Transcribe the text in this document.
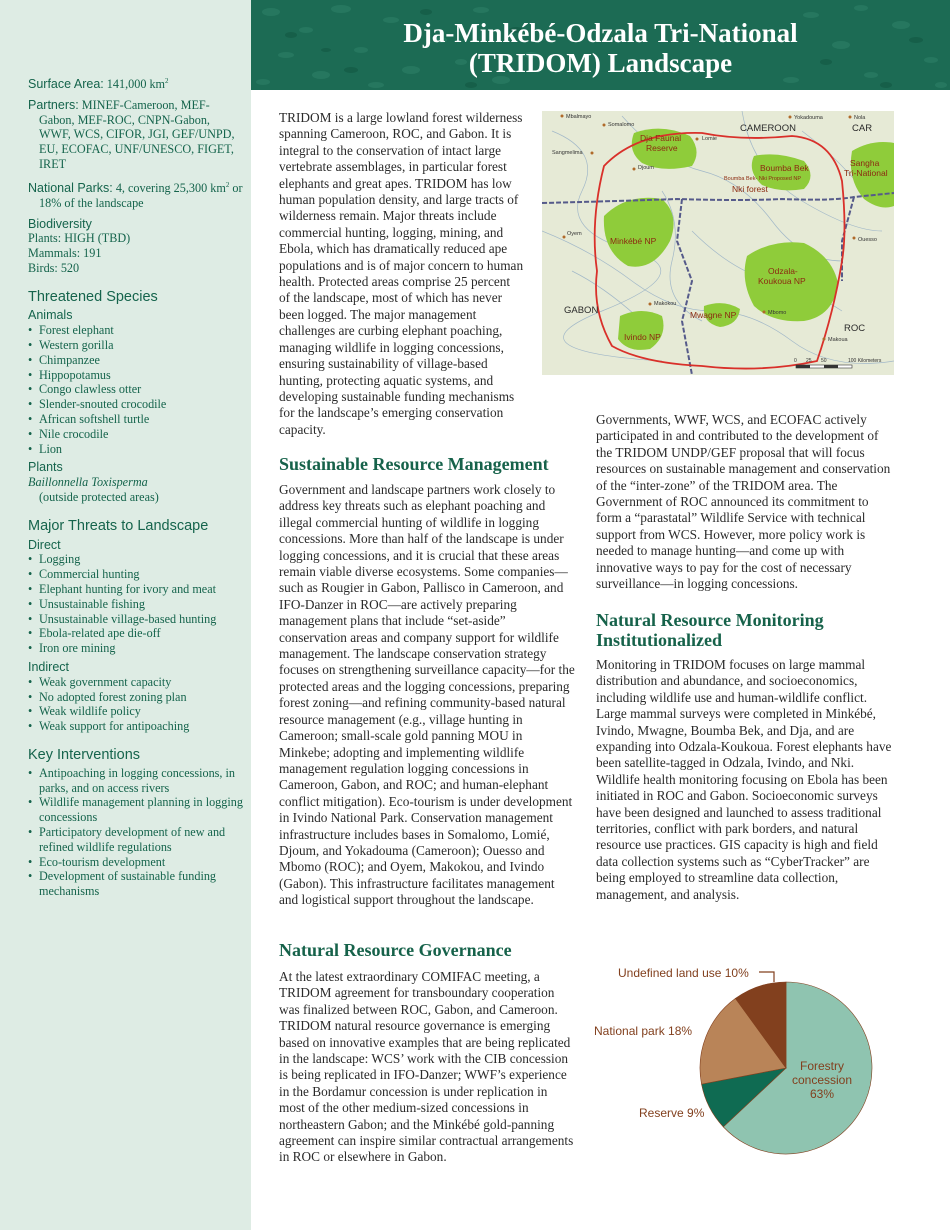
Surface Area: 141,000 $km^2$

Partners: MINEF-Cameroon, MEF-Gabon, MEF-ROC, CNPN-Gabon, WWF, WCS, CIFOR, JGI, GEF/UNPD, EU, ECOFAC, UNF/UNESCO, FIGET, IRET

National Parks: 4, covering 25,300 $km^2$ or 18% of the landscape

Biodiversity

Plants: HIGH (TBD)

Mammals: 191

Birds: 520

Threatened Species
Animals
• Forest elephant
• Western gorilla
• Chimpanzee
• Hippopotamus
• Congo clawless otter
• Slender-snouted crocodile
• African softshell turtle
• Nile crocodile
• Lion
Plants

Baillonnella Toxisperma

(outside protected areas)

Major Threats to Landscape
Direct
• Logging
• Commercial hunting
• Elephant hunting for ivory and meat
• Unsustainable fishing
• Unsustainable village-based hunting
• Ebola-related ape die-off
• Iron ore mining
Indirect
• Weak government capacity
• No adopted forest zoning plan
• Weak wildlife policy
• Weak support for antipoaching
Key Interventions
• Antipoaching in logging concessions, in parks, and on access rivers
• Wildlife management planning in logging concessions
• Participatory development of new and refined wildlife regulations
• Eco-tourism development
• Development of sustainable funding mechanisms
Dja-Minkébé-Odzala Tri-National
(TRIDOM) Landscape

TRIDOM is a large lowland forest wilderness spanning Cameroon, ROC, and Gabon. It is integral to the conservation of intact large vertebrate assemblages, in particular forest elephants and great apes. TRIDOM has low human population density, and large tracts of wilderness remain. Major threats include commercial hunting, logging, mining, and Ebola, which has dramatically reduced ape populations and is of major concern to human health. Protected areas comprise 25 percent of the landscape, most of which has never been logged. The major management challenges are curbing elephant poaching, managing wildlife in logging concessions, ensuring sustainability of village-based hunting, protecting aquatic systems, and developing sustainable funding mechanisms for the landscape’s emerging conservation capacity.

CAMEROON	CAR
GABON
ROC
Dja Faunal
Reserve
Boumba Bek
Boumba Bek- Nki Proposed NP
Nki forest
Sangha
Tri-National
Minkébé NP
Odzala-
Koukoua NP
Mwagne NP
Ivindo NP
Mbalmayo
Somalomo
Sangmelima
Lomie
Djoum
Yokadouma	Nola
Oyem
Ouesso
Makokou
Mbomo
Makoua
0 25 50	100 Kilometers
Sustainable Resource Management

Government and landscape partners work closely to address key threats such as elephant poaching and illegal commercial hunting of wildlife in logging concessions. More than half of the landscape is under logging concessions, and it is crucial that these areas remain viable diverse ecosystems. Some companies—such as Rougier in Gabon, Pallisco in Cameroon, and IFO-Danzer in ROC—are actively preparing management plans that include “set-aside” conservation areas and company support for wildlife management. The landscape conservation strategy focuses on strengthening surveillance capacity—for the protected areas and the logging concessions, preparing forest zoning—and refining community-based natural resource management (e.g., village hunting in Cameroon; small-scale gold panning MOU in Minkebe; adopting and implementing wildlife management regulation logging concessions in Cameroon, Gabon, and ROC; and human-elephant conflict mitigation). Eco-tourism is under development in Ivindo National Park. Conservation management infrastructure includes bases in Somalomo, Lomié, Djoum, and Yokadouma (Cameroon); Ouesso and Mbomo (ROC); and Oyem, Makokou, and Ivindo (Gabon). This infrastructure facilitates management and logistical support throughout the landscape.

Natural Resource Governance

At the latest extraordinary COMIFAC meeting, a TRIDOM agreement for transboundary cooperation was finalized between ROC, Gabon, and Cameroon. TRIDOM natural resource governance is emerging based on innovative examples that are being replicated in the landscape: WCS’ work with the CIB concession is being replicated in IFO-Danzer; WWF’s experience in the Bordamur concession is under replication in most of the other medium-sized concessions in northeastern Gabon; and the Minkébé gold-panning agreement can inspire similar contractual arrangements in ROC or elsewhere in Gabon.

Governments, WWF, WCS, and ECOFAC actively participated in and contributed to the development of the TRIDOM UNDP/GEF proposal that will focus resources on sustainable management and conservation of the “inter-zone” of the TRIDOM area. The Government of ROC announced its commitment to form a “parastatal” Wildlife Service with technical support from WCS. However, more policy work is needed to manage hunting—and come up with innovative ways to pay for the cost of necessary surveillance—in logging concessions.

Natural Resource Monitoring
Institutionalized

Monitoring in TRIDOM focuses on large mammal distribution and abundance, and socioeconomics, including wildlife use and human-wildlife conflict. Large mammal surveys were completed in Minkébé, Ivindo, Mwagne, Boumba Bek, and Dja, and are expanding into Odzala-Koukoua. Forest elephants have been satellite-tagged in Odzala, Ivindo, and Nki. Wildlife health monitoring focusing on Ebola has been initiated in ROC and Gabon. Socioeconomic surveys have been designed and launched to assess traditional territories, conflict with park borders, and natural resource use practices. GIS capacity is high and field data collection systems such as “CyberTracker” are being employed to streamline data collection, management, and analysis.

Undefined land use 10%
National park 18%
Reserve 9%
Forestry
concession
63%
